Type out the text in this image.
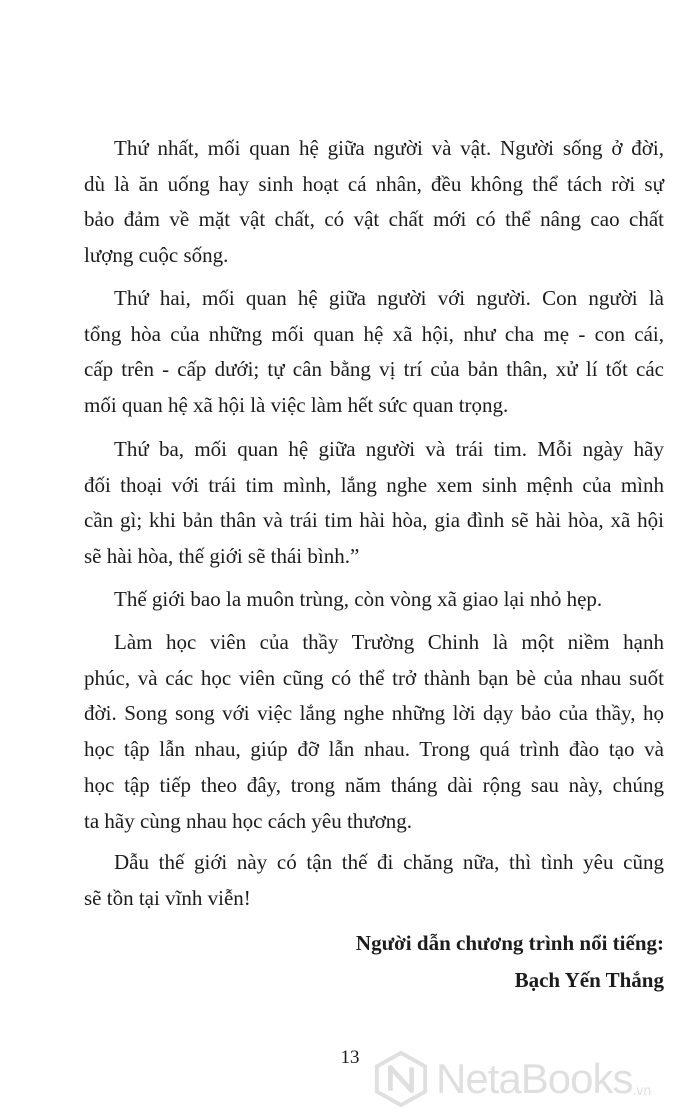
Thứ nhất, mối quan hệ giữa người và vật. Người sống ở đời,
dù là ăn uống hay sinh hoạt cá nhân, đều không thể tách rời sự
bảo đảm về mặt vật chất, có vật chất mới có thể nâng cao chất
lượng cuộc sống.

Thứ hai, mối quan hệ giữa người với người. Con người là
tổng hòa của những mối quan hệ xã hội, như cha mẹ - con cái,
cấp trên - cấp dưới; tự cân bằng vị trí của bản thân, xử lí tốt các
mối quan hệ xã hội là việc làm hết sức quan trọng.

Thứ ba, mối quan hệ giữa người và trái tim. Mỗi ngày hãy
đối thoại với trái tim mình, lắng nghe xem sinh mệnh của mình
cần gì; khi bản thân và trái tim hài hòa, gia đình sẽ hài hòa, xã hội
sẽ hài hòa, thế giới sẽ thái bình.”

Thế giới bao la muôn trùng, còn vòng xã giao lại nhỏ hẹp.

Làm học viên của thầy Trường Chinh là một niềm hạnh
phúc, và các học viên cũng có thể trở thành bạn bè của nhau suốt
đời. Song song với việc lắng nghe những lời dạy bảo của thầy, họ
học tập lẫn nhau, giúp đỡ lẫn nhau. Trong quá trình đào tạo và
học tập tiếp theo đây, trong năm tháng dài rộng sau này, chúng
ta hãy cùng nhau học cách yêu thương.

Dẫu thế giới này có tận thế đi chăng nữa, thì tình yêu cũng
sẽ tồn tại vĩnh viễn!

Người dẫn chương trình nổi tiếng:

Bạch Yến Thắng

13	NetaBooks .vn
